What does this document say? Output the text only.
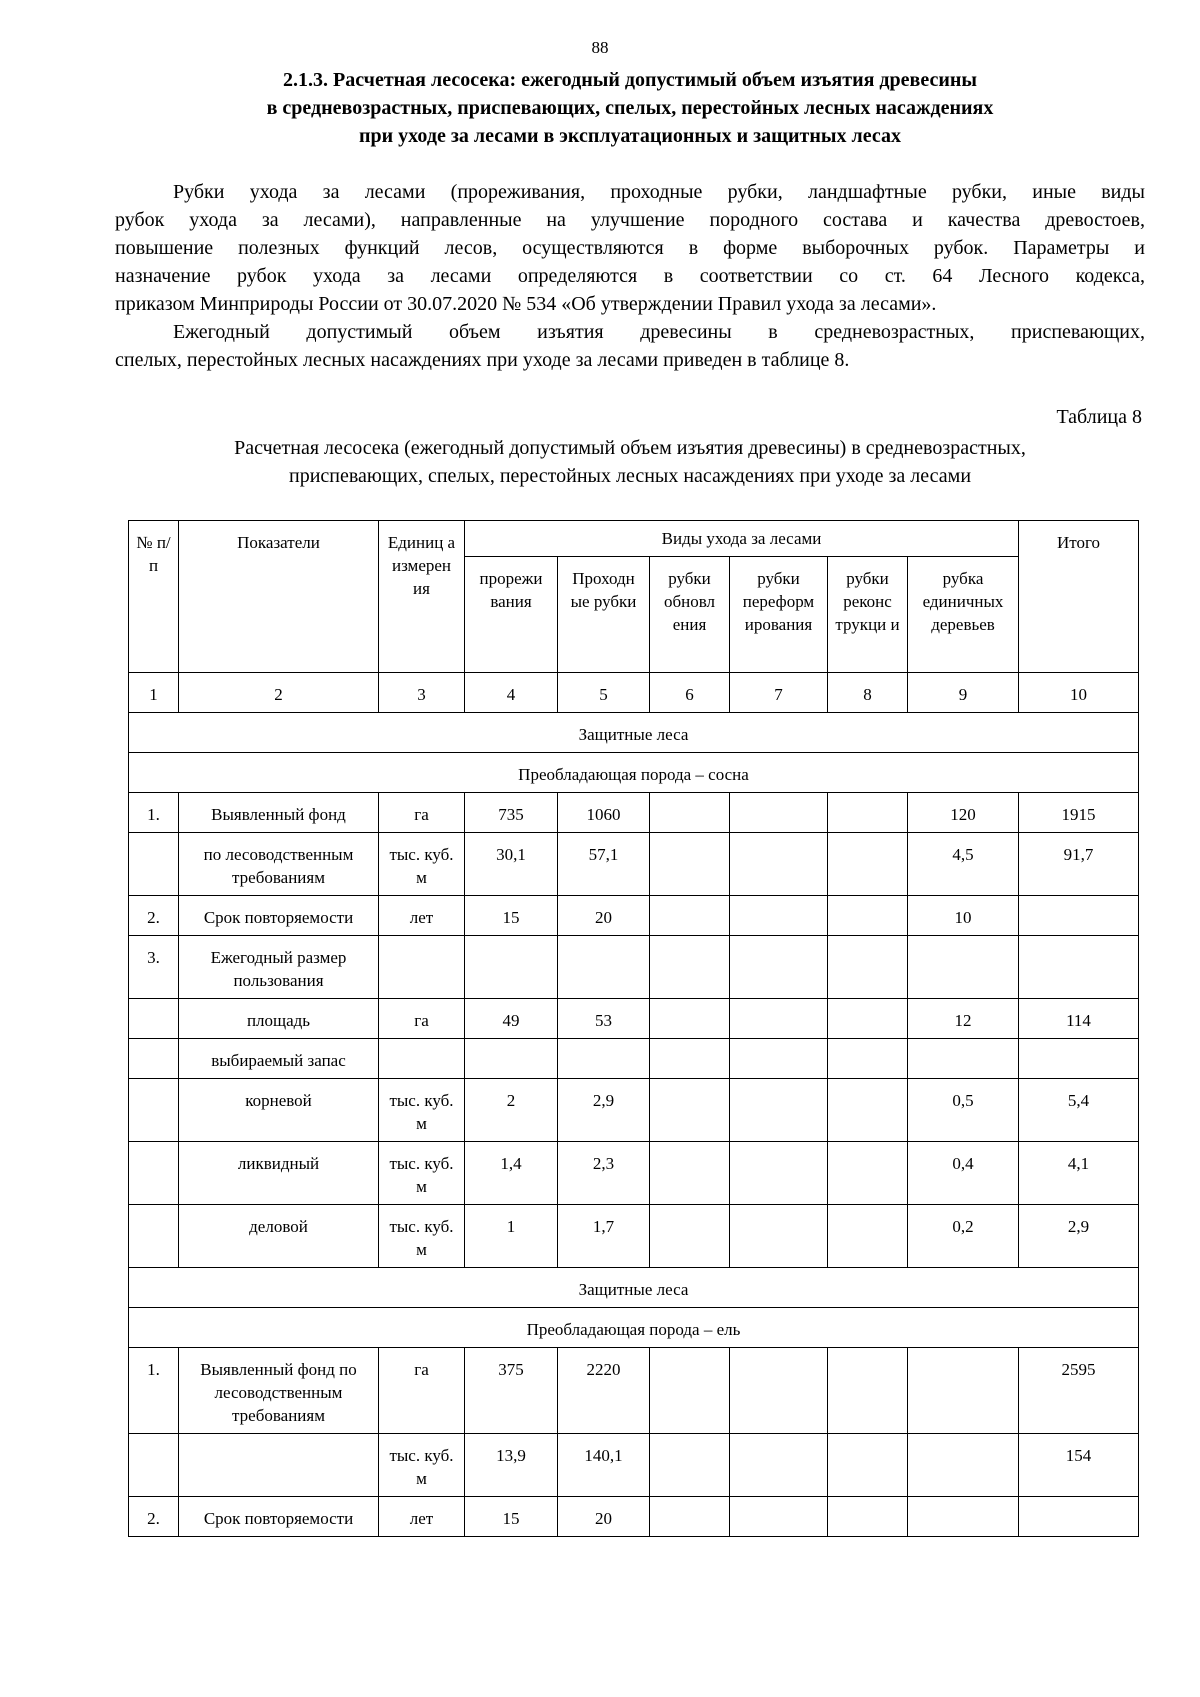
88
2.1.3. Расчетная лесосека: ежегодный допустимый объем изъятия древесины
в средневозрастных, приспевающих, спелых, перестойных лесных насаждениях
при уходе за лесами в эксплуатационных и защитных лесах
Рубки ухода за лесами (прореживания, проходные рубки, ландшафтные рубки, иные виды
рубок ухода за лесами), направленные на улучшение породного состава и качества древостоев,
повышение полезных функций лесов, осуществляются в форме выборочных рубок. Параметры и
назначение рубок ухода за лесами определяются в соответствии со ст. 64 Лесного кодекса,
приказом Минприроды России от 30.07.2020 № 534 «Об утверждении Правил ухода за лесами».
Ежегодный допустимый объем изъятия древесины в средневозрастных, приспевающих,
спелых, перестойных лесных насаждениях при уходе за лесами приведен в таблице 8.
Таблица 8
Расчетная лесосека (ежегодный допустимый объем изъятия древесины) в средневозрастных,
приспевающих, спелых, перестойных лесных насаждениях при уходе за лесами
№ п/п	Показатели	Единиц а измерен ия	Виды ухода за лесами						Итого
			прорежи вания	Проходн ые рубки	рубки обновл ения	рубки переформ ирования	рубки реконс трукци и	рубка единичных деревьев	
1	2	3	4	5	6	7	8	9	10
Защитные леса									
Преобладающая порода – сосна									
1.	Выявленный фонд	га	735	1060				120	1915
	по лесоводственным требованиям	тыс. куб. м	30,1	57,1				4,5	91,7
2.	Срок повторяемости	лет	15	20				10	
3.	Ежегодный размер пользования								
	площадь	га	49	53				12	114
	выбираемый запас								
	корневой	тыс. куб. м	2	2,9				0,5	5,4
	ликвидный	тыс. куб. м	1,4	2,3				0,4	4,1
	деловой	тыс. куб. м	1	1,7				0,2	2,9
Защитные леса									
Преобладающая порода – ель									
1.	Выявленный фонд по лесоводственным требованиям	га	375	2220					2595
		тыс. куб. м	13,9	140,1					154
2.	Срок повторяемости	лет	15	20					
